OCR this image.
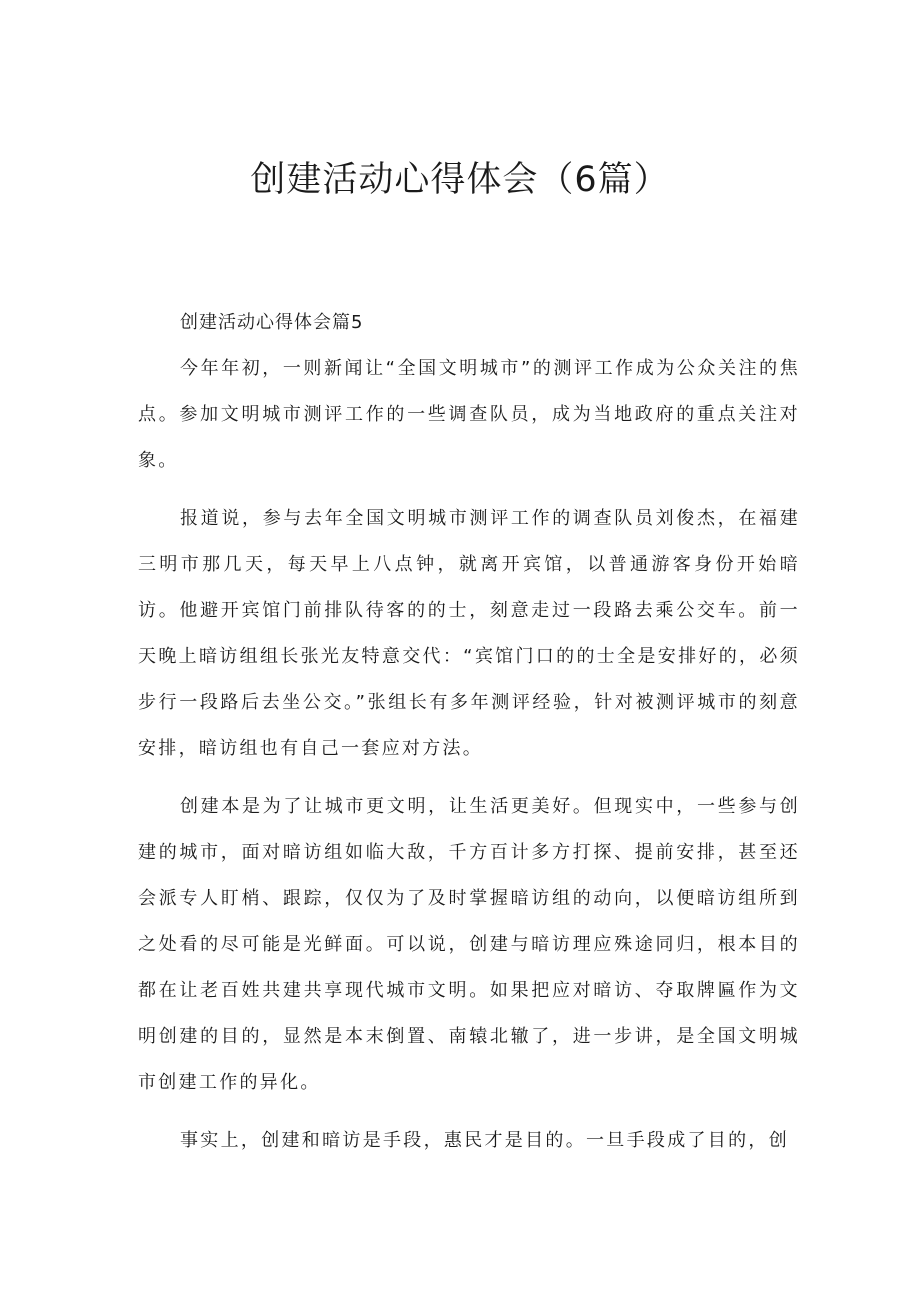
创建活动心得体会（6篇）
创建活动心得体会篇5

今年年初，一则新闻让“全国文明城市”的测评工作成为公众关注的焦点。参加文明城市测评工作的一些调查队员，成为当地政府的重点关注对象。

报道说，参与去年全国文明城市测评工作的调查队员刘俊杰，在福建三明市那几天，每天早上八点钟，就离开宾馆，以普通游客身份开始暗访。他避开宾馆门前排队待客的的士，刻意走过一段路去乘公交车。前一天晚上暗访组组长张光友特意交代：“宾馆门口的的士全是安排好的，必须步行一段路后去坐公交。”张组长有多年测评经验，针对被测评城市的刻意安排，暗访组也有自己一套应对方法。

创建本是为了让城市更文明，让生活更美好。但现实中，一些参与创建的城市，面对暗访组如临大敌，千方百计多方打探、提前安排，甚至还会派专人盯梢、跟踪，仅仅为了及时掌握暗访组的动向，以便暗访组所到之处看的尽可能是光鲜面。可以说，创建与暗访理应殊途同归，根本目的都在让老百姓共建共享现代城市文明。如果把应对暗访、夺取牌匾作为文明创建的目的，显然是本末倒置、南辕北辙了，进一步讲，是全国文明城市创建工作的异化。

事实上，创建和暗访是手段，惠民才是目的。一旦手段成了目的，创
